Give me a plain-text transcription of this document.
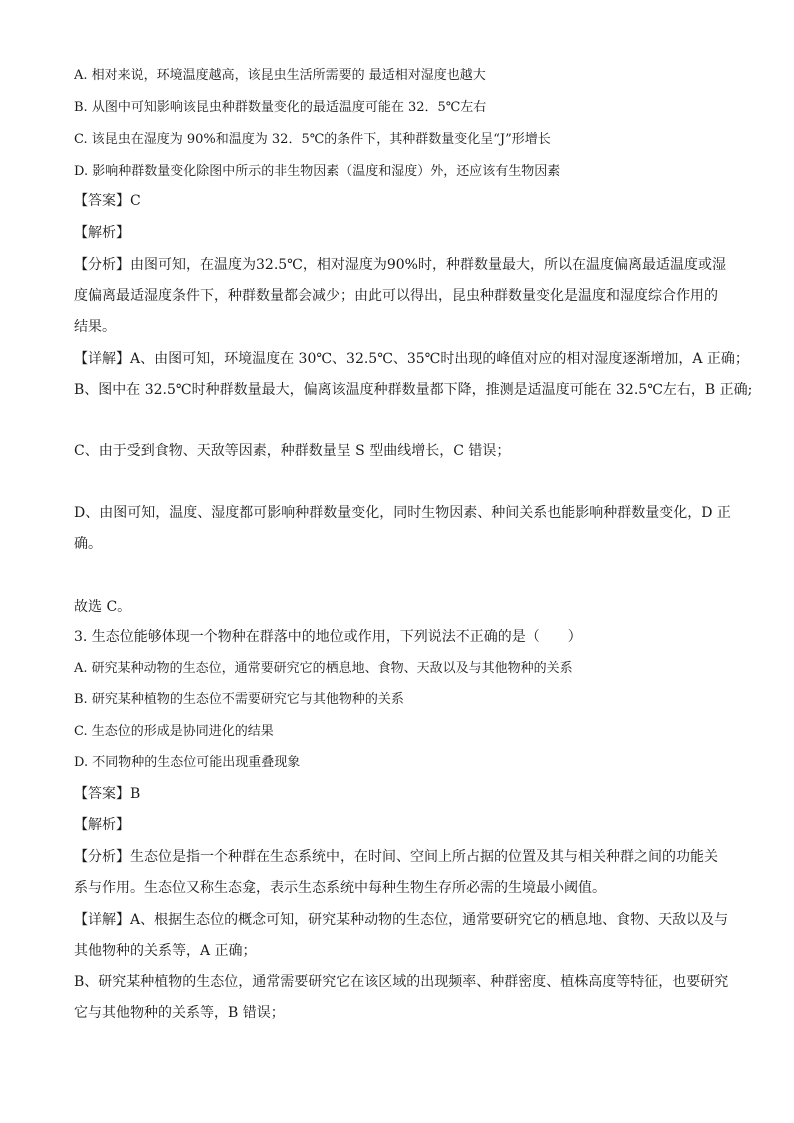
A. 相对来说，环境温度越高，该昆虫生活所需要的 最适相对湿度也越大
B. 从图中可知影响该昆虫种群数量变化的最适温度可能在 32．5℃左右
C. 该昆虫在湿度为 90%和温度为 32．5℃的条件下，其种群数量变化呈“J”形增长
D. 影响种群数量变化除图中所示的非生物因素（温度和湿度）外，还应该有生物因素
【答案】C
【解析】
【分析】由图可知，在温度为32.5℃，相对湿度为90%时，种群数量最大，所以在温度偏离最适温度或湿
度偏离最适湿度条件下，种群数量都会减少；由此可以得出，昆虫种群数量变化是温度和湿度综合作用的
结果。
【详解】A、由图可知，环境温度在 30℃、32.5℃、35℃时出现的峰值对应的相对湿度逐渐增加，A 正确；
B、图中在 32.5℃时种群数量最大，偏离该温度种群数量都下降，推测是适温度可能在 32.5℃左右，B 正确;
C、由于受到食物、天敌等因素，种群数量呈 S 型曲线增长，C 错误；
D、由图可知，温度、湿度都可影响种群数量变化，同时生物因素、种间关系也能影响种群数量变化，D 正
确。
故选 C。
3. 生态位能够体现一个物种在群落中的地位或作用，下列说法不正确的是（　　）
A. 研究某种动物的生态位，通常要研究它的栖息地、食物、天敌以及与其他物种的关系
B. 研究某种植物的生态位不需要研究它与其他物种的关系
C. 生态位的形成是协同进化的结果
D. 不同物种的生态位可能出现重叠现象
【答案】B
【解析】
【分析】生态位是指一个种群在生态系统中，在时间、空间上所占据的位置及其与相关种群之间的功能关
系与作用。生态位又称生态龛，表示生态系统中每种生物生存所必需的生境最小阈值。
【详解】A、根据生态位的概念可知，研究某种动物的生态位，通常要研究它的栖息地、食物、天敌以及与
其他物种的关系等，A 正确；
B、研究某种植物的生态位，通常需要研究它在该区域的出现频率、种群密度、植株高度等特征，也要研究
它与其他物种的关系等，B 错误；
